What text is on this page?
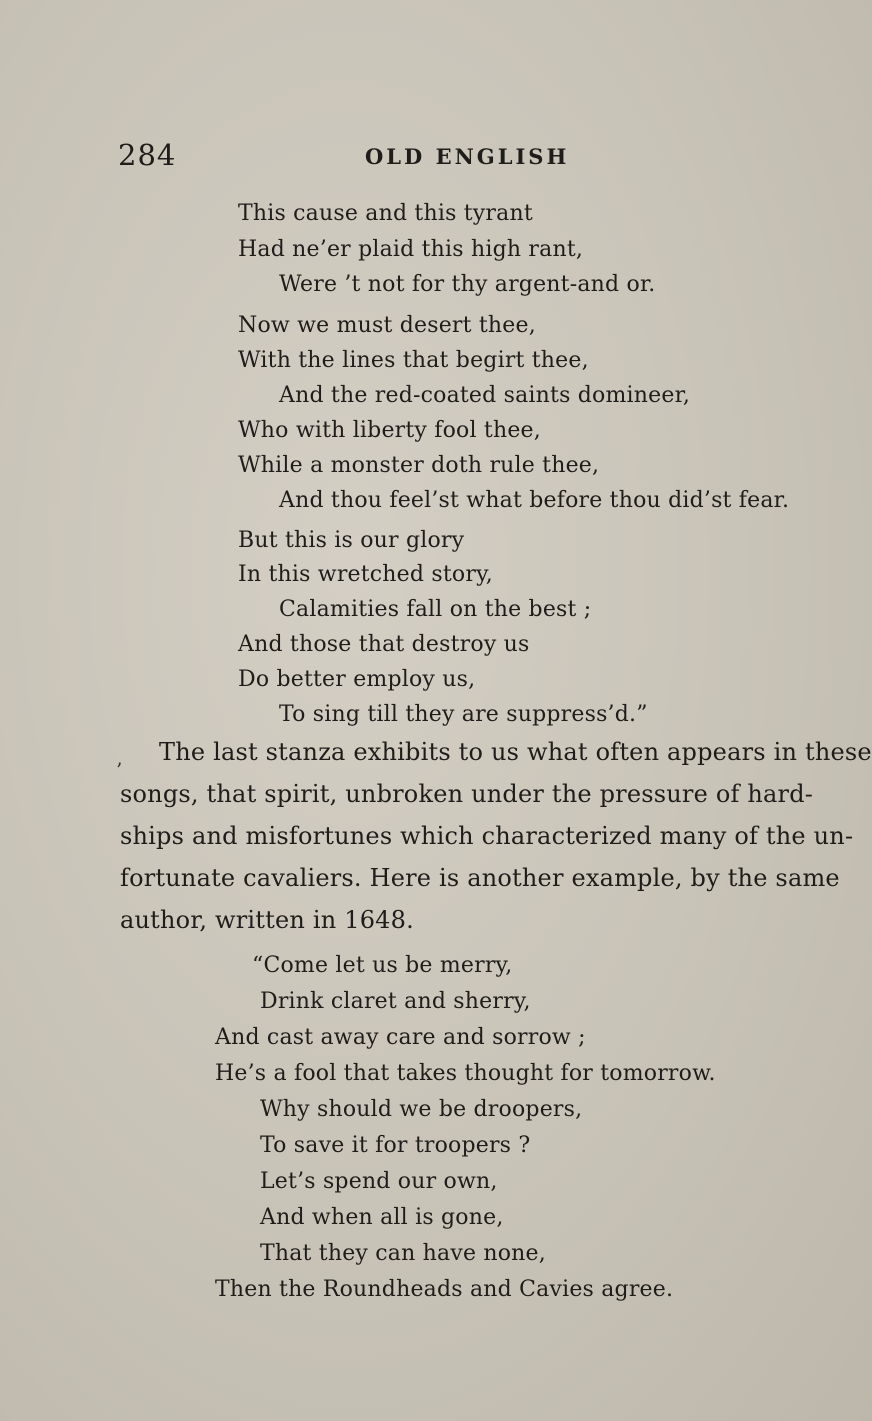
284	OLD ENGLISH
This cause and this tyrant
Had ne’er plaid this high rant,
Were ’t not for thy argent-and or.
Now we must desert thee,
With the lines that begirt thee,
And the red-coated saints domineer,
Who with liberty fool thee,
While a monster doth rule thee,
And thou feel’st what before thou did’st fear.
But this is our glory
In this wretched story,
Calamities fall on the best ;
And those that destroy us
Do better employ us,
To sing till they are suppress’d.”
The last stanza exhibits to us what often appears in these
songs, that spirit, unbroken under the pressure of hard-
ships and misfortunes which characterized many of the un-
fortunate cavaliers. Here is another example, by the same
author, written in 1648.
’
“Come let us be merry,
Drink claret and sherry,
And cast away care and sorrow ;
He’s a fool that takes thought for tomorrow.
Why should we be droopers,
To save it for troopers ?
Let’s spend our own,
And when all is gone,
That they can have none,
Then the Roundheads and Cavies agree.
